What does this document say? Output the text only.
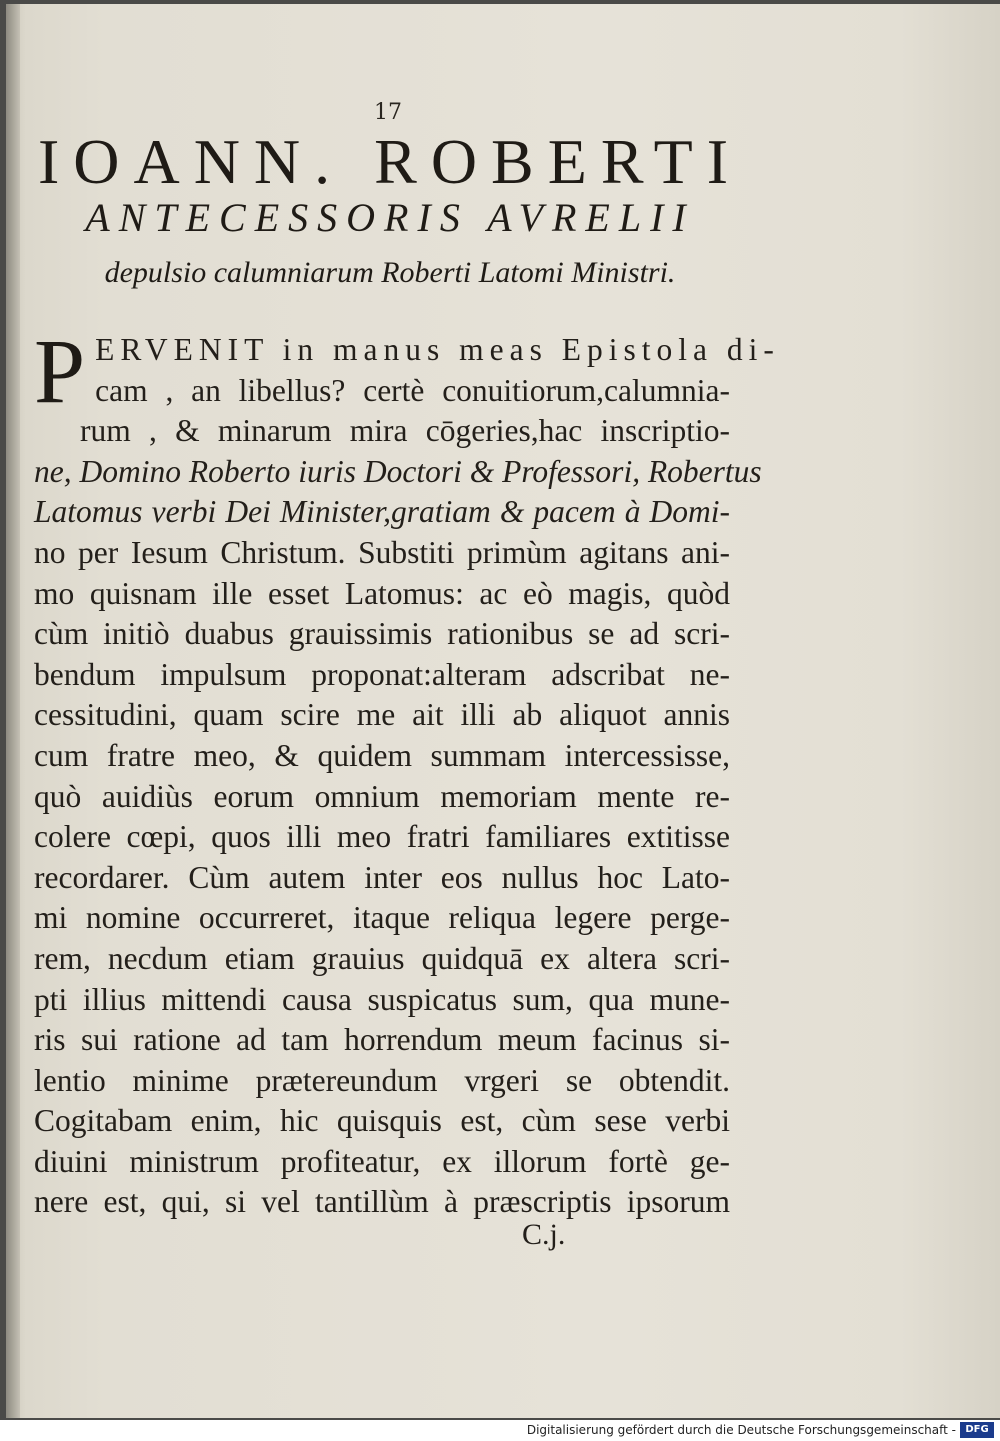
17
IOANN. ROBERTI
ANTECESSORIS AVRELII
depulsio calumniarum Roberti Latomi Ministri.
P ERVENIT in manus meas Epistola di-
cam , an libellus? certè conuitiorum,calumnia-
rum , & minarum mira cōgeries,hac inscriptio-
ne, Domino Roberto iuris Doctori & Professori, Robertus
Latomus verbi Dei Minister,gratiam & pacem à Domi-
no per Iesum Christum. Substiti primùm agitans ani-
mo quisnam ille esset Latomus: ac eò magis, quòd
cùm initiò duabus grauissimis rationibus se ad scri-
bendum impulsum proponat:alteram adscribat ne-
cessitudini, quam scire me ait illi ab aliquot annis
cum fratre meo, & quidem summam intercessisse,
quò auidiùs eorum omnium memoriam mente re-
colere cœpi, quos illi meo fratri familiares extitisse
recordarer. Cùm autem inter eos nullus hoc Lato-
mi nomine occurreret, itaque reliqua legere perge-
rem, necdum etiam grauius quidquā ex altera scri-
pti illius mittendi causa suspicatus sum, qua mune-
ris sui ratione ad tam horrendum meum facinus si-
lentio minime prætereundum vrgeri se obtendit.
Cogitabam enim, hic quisquis est, cùm sese verbi
diuini ministrum profiteatur, ex illorum fortè ge-
nere est, qui, si vel tantillùm à præscriptis ipsorum
C.j.
Digitalisierung gefördert durch die Deutsche Forschungsgemeinschaft - DFG
